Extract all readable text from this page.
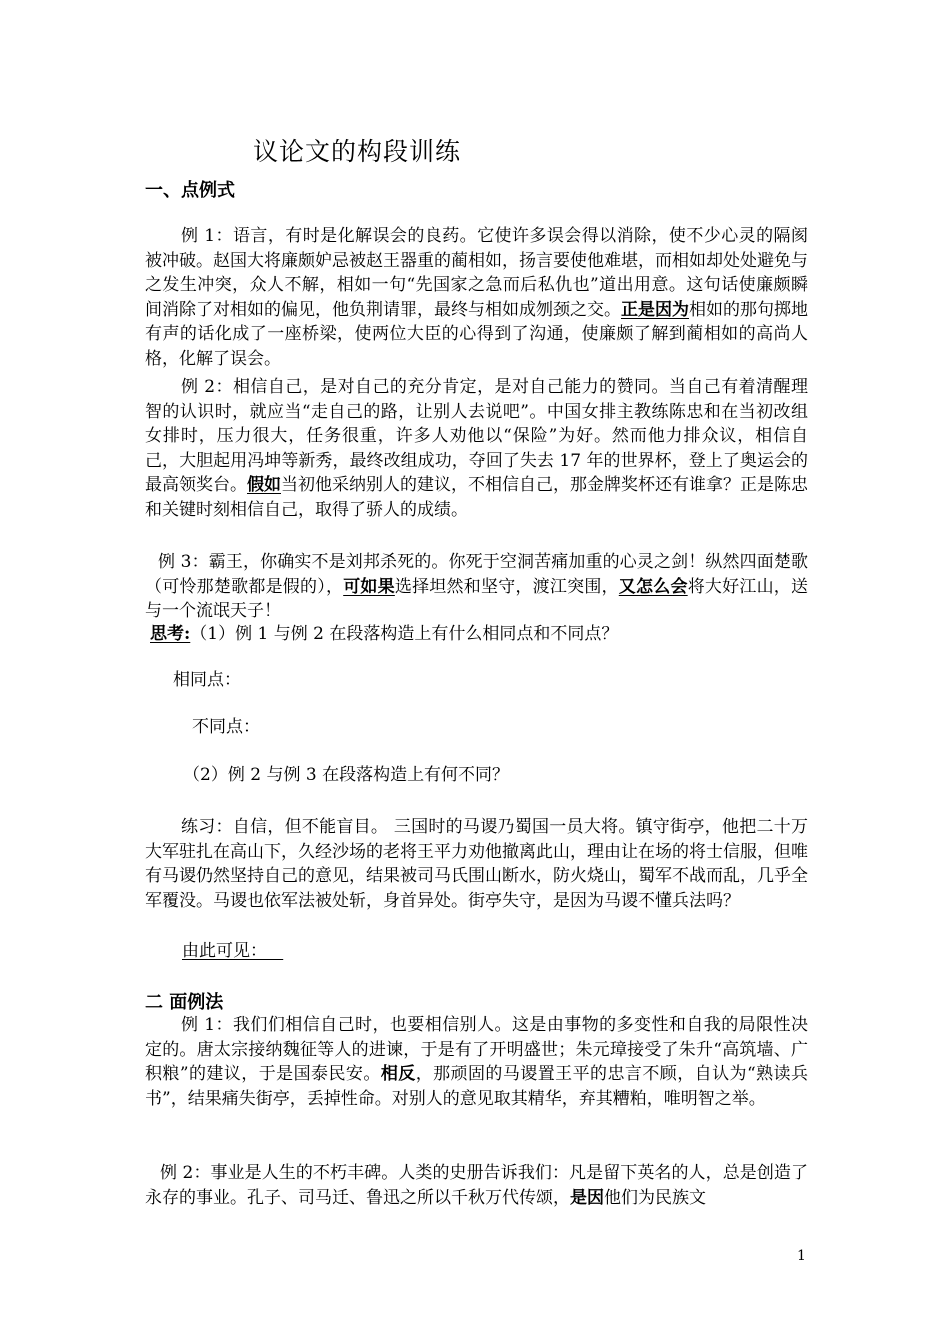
议论文的构段训练
一、点例式

例 1：语言，有时是化解误会的良药。它使许多误会得以消除，使不少心灵的隔阂被冲破。赵国大将廉颇妒忌被赵王器重的蔺相如，扬言要使他难堪，而相如却处处避免与之发生冲突，众人不解，相如一句“先国家之急而后私仇也”道出用意。这句话使廉颇瞬间消除了对相如的偏见，他负荆请罪，最终与相如成刎颈之交。正是因为相如的那句掷地有声的话化成了一座桥梁，使两位大臣的心得到了沟通，使廉颇了解到蔺相如的高尚人格，化解了误会。

例 2：相信自己，是对自己的充分肯定，是对自己能力的赞同。当自己有着清醒理智的认识时，就应当“走自己的路，让别人去说吧”。中国女排主教练陈忠和在当初改组女排时，压力很大，任务很重，许多人劝他以“保险”为好。然而他力排众议，相信自己，大胆起用冯坤等新秀，最终改组成功，夺回了失去 17 年的世界杯，登上了奥运会的最高领奖台。假如当初他采纳别人的建议，不相信自己，那金牌奖杯还有谁拿？正是陈忠和关键时刻相信自己，取得了骄人的成绩。

例 3：霸王，你确实不是刘邦杀死的。你死于空洞苦痛加重的心灵之剑！纵然四面楚歌（可怜那楚歌都是假的），可如果选择坦然和坚守，渡江突围，又怎么会将大好江山，送与一个流氓天子！

思考:（1）例 1 与例 2 在段落构造上有什么相同点和不同点？
相同点：
不同点：
（2）例 2 与例 3 在段落构造上有何不同？

练习：自信，但不能盲目。 三国时的马谡乃蜀国一员大将。镇守街亭，他把二十万大军驻扎在高山下，久经沙场的老将王平力劝他撤离此山，理由让在场的将士信服，但唯有马谡仍然坚持自己的意见，结果被司马氏围山断水，防火烧山，蜀军不战而乱，几乎全军覆没。马谡也依军法被处斩，身首异处。街亭失守，是因为马谡不懂兵法吗？

由此可见：
二 面例法

例 1：我们们相信自己时，也要相信别人。这是由事物的多变性和自我的局限性决定的。唐太宗接纳魏征等人的进谏，于是有了开明盛世；朱元璋接受了朱升“高筑墙、广积粮”的建议，于是国泰民安。相反，那顽固的马谡置王平的忠言不顾，自认为“熟读兵书”，结果痛失街亭，丢掉性命。对别人的意见取其精华，弃其糟粕，唯明智之举。

例 2：事业是人生的不朽丰碑。人类的史册告诉我们：凡是留下英名的人，总是创造了永存的事业。孔子、司马迁、鲁迅之所以千秋万代传颂，是因他们为民族文

1
